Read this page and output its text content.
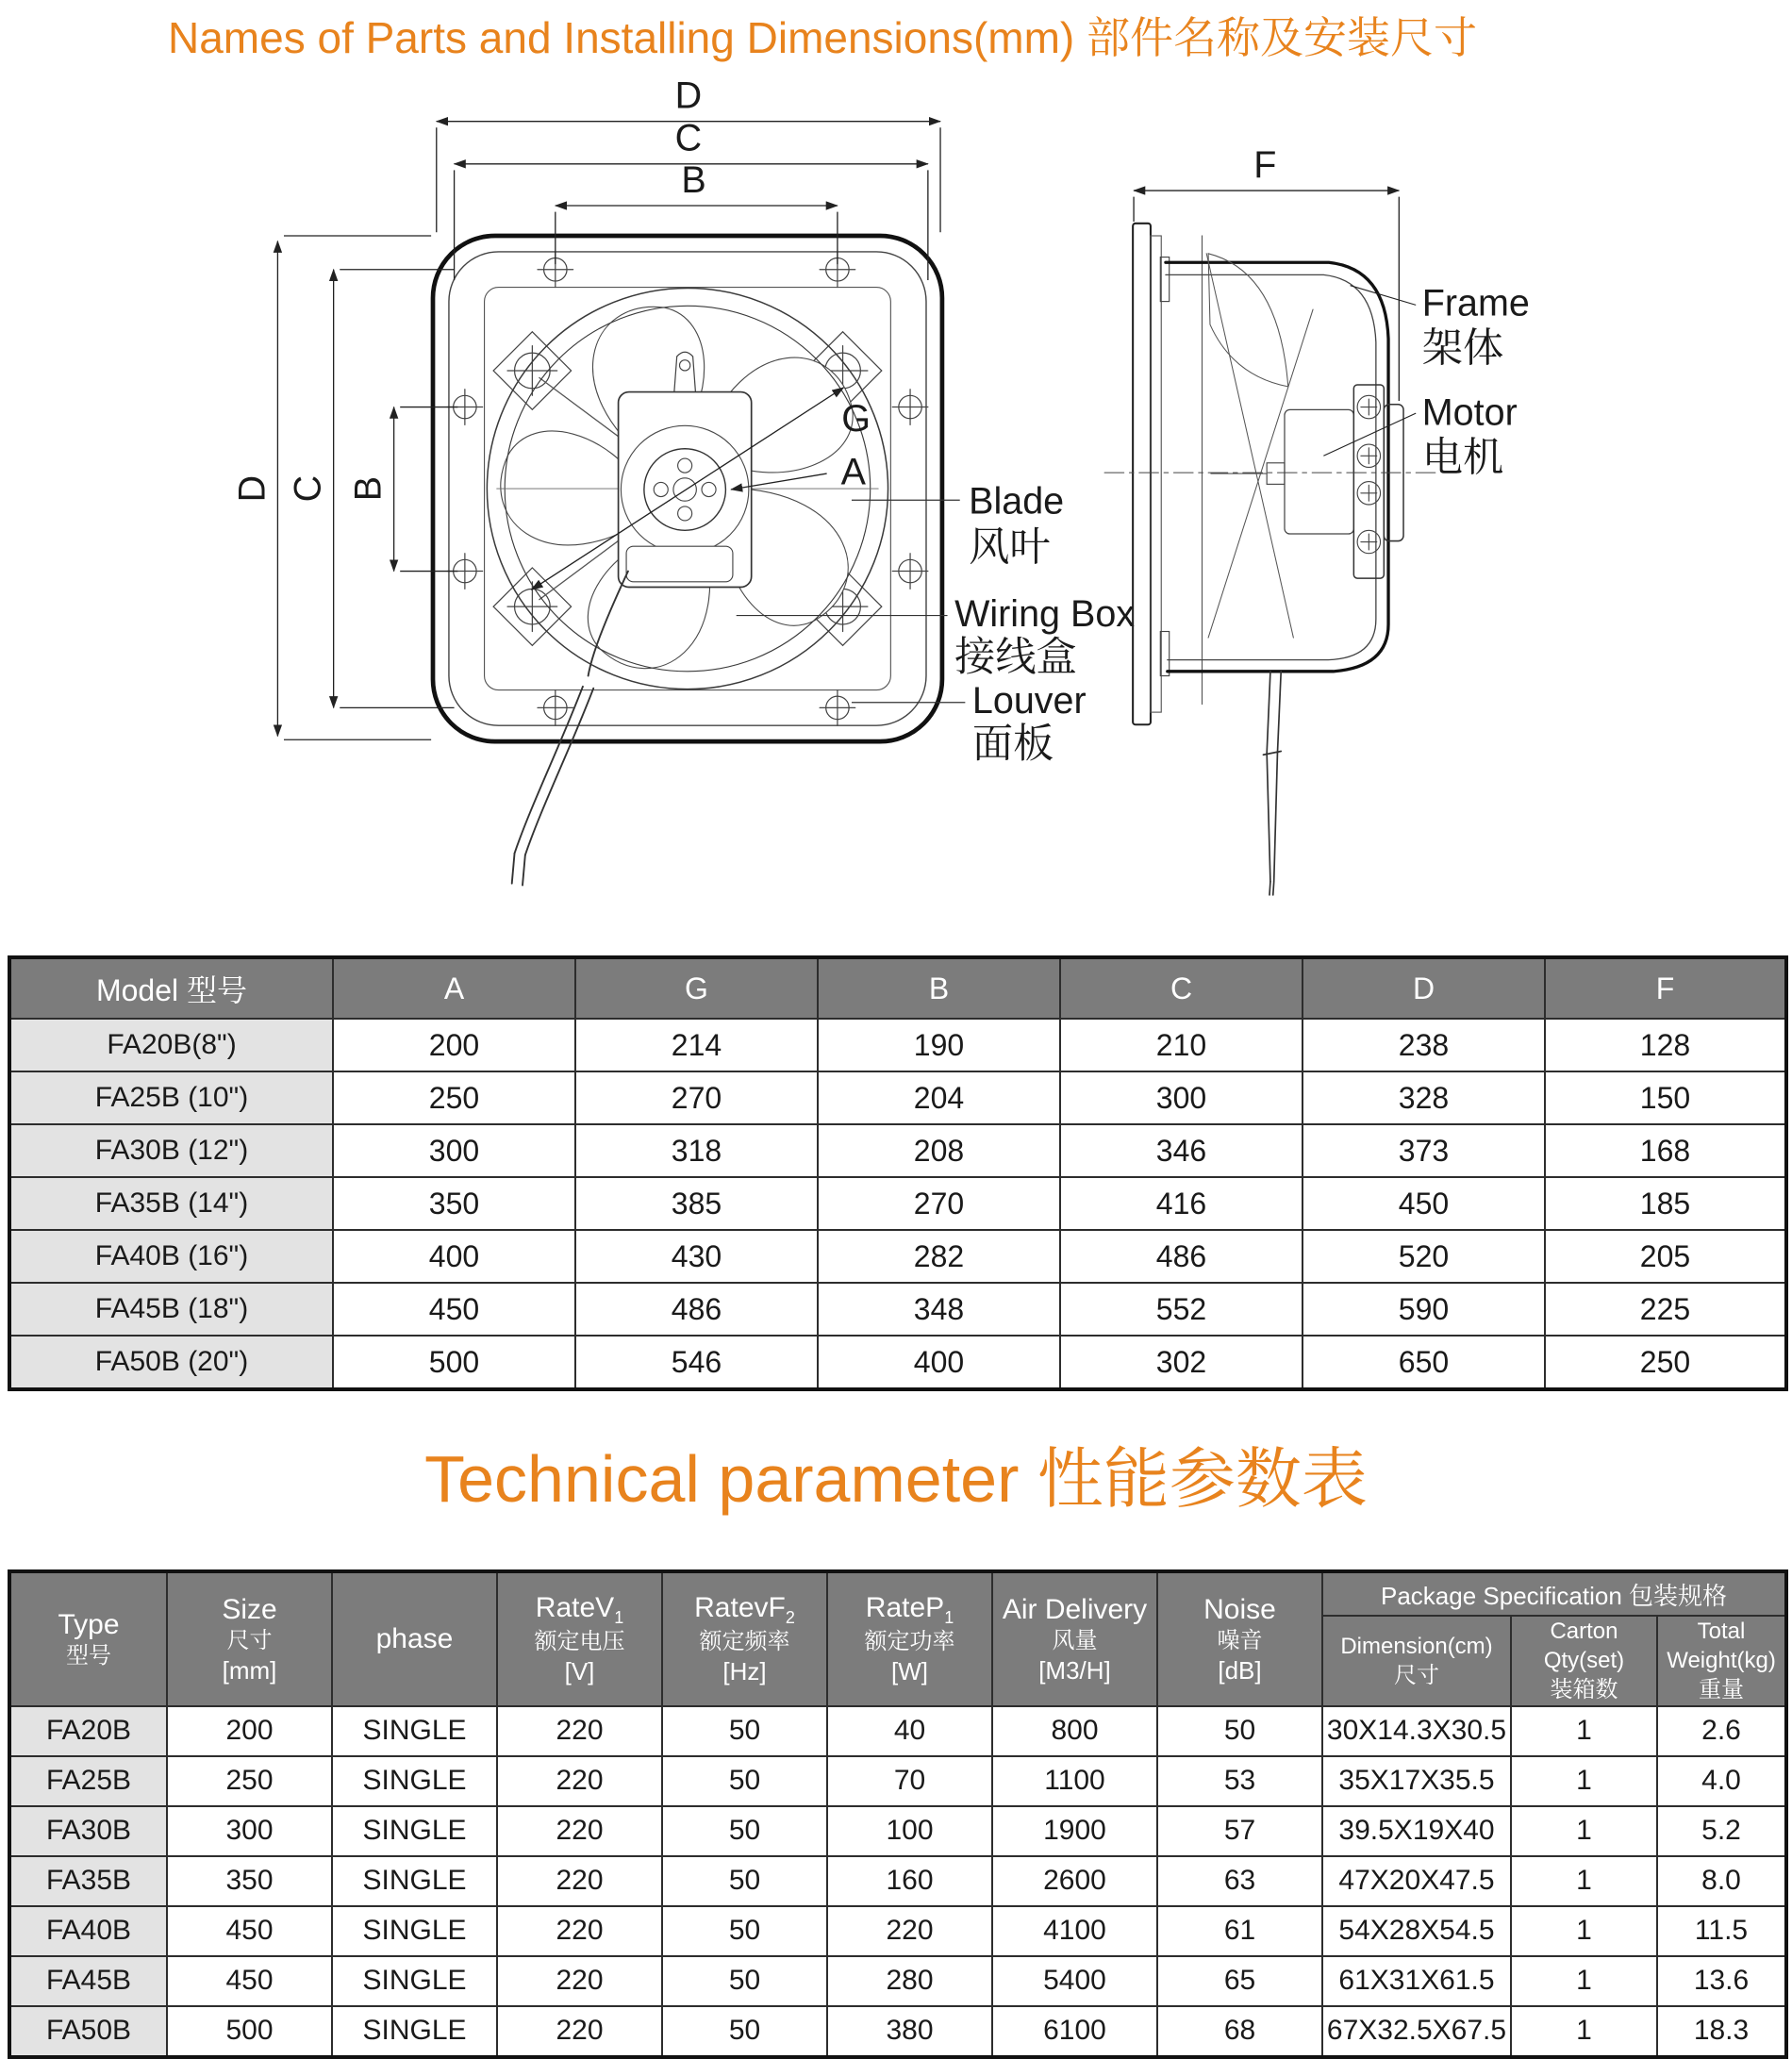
Names of Parts and Installing Dimensions(mm) 部件名称及安装尺寸
D
C
B
D C B
G
A
Blade
风叶
Wiring Box
接线盒
Louver
面板
F
Frame
架体
Motor
电机
Model 型号	A	G	B	C	D	F
FA20B(8")	200	214	190	210	238	128
FA25B (10")	250	270	204	300	328	150
FA30B (12")	300	318	208	346	373	168
FA35B (14")	350	385	270	416	450	185
FA40B (16")	400	430	282	486	520	205
FA45B (18")	450	486	348	552	590	225
FA50B (20")	500	546	400	302	650	250
Technical parameter 性能参数表
Type
型号

Size
尺寸
[mm]

phase

RateV$_1$
额定电压
[V]

RatevF$_2$
额定频率
[Hz]

RateP$_1$
额定功率
[W]

Air Delivery
风量
[M3/H]

Noise
噪音
[dB]

Package Specification 包装规格

Dimension(cm)
尺寸

Carton Qty(set)
装箱数

Total Weight(kg)
重量

FA20B	200	SINGLE	220	50	40	800	50	30X14.3X30.5	1	2.6
FA25B	250	SINGLE	220	50	70	1100	53	35X17X35.5	1	4.0
FA30B	300	SINGLE	220	50	100	1900	57	39.5X19X40	1	5.2
FA35B	350	SINGLE	220	50	160	2600	63	47X20X47.5	1	8.0
FA40B	450	SINGLE	220	50	220	4100	61	54X28X54.5	1	11.5
FA45B	450	SINGLE	220	50	280	5400	65	61X31X61.5	1	13.6
FA50B	500	SINGLE	220	50	380	6100	68	67X32.5X67.5	1	18.3
